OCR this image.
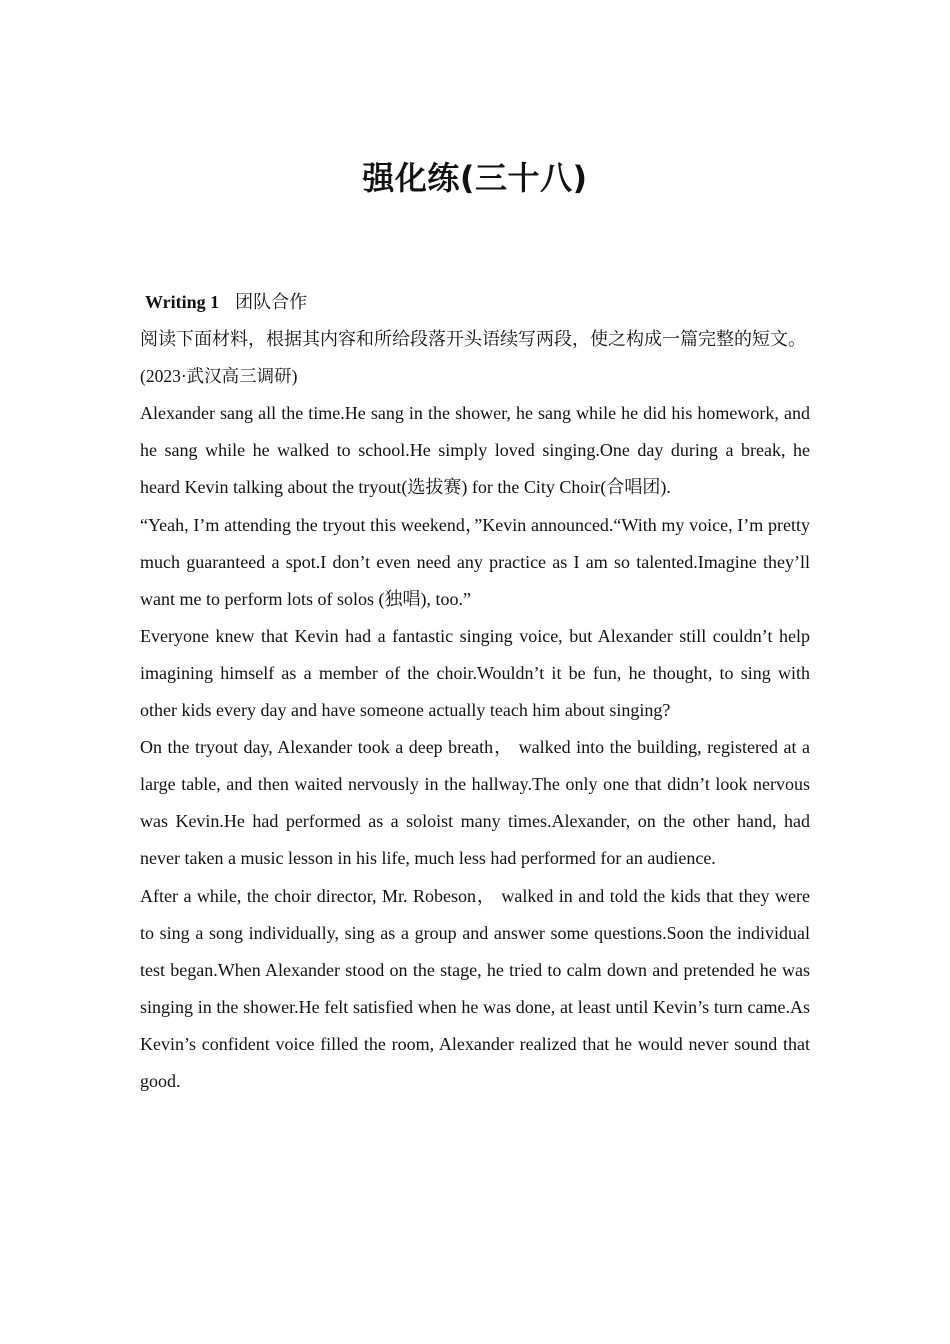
强化练(三十八)

Writing 1 团队合作

阅读下面材料，根据其内容和所给段落开头语续写两段，使之构成一篇完整的短文。

(2023·武汉高三调研)

Alexander sang all the time.He sang in the shower, he sang while he did his homework, and he sang while he walked to school.He simply loved singing.One day during a break, he heard Kevin talking about the tryout(选拔赛) for the City Choir(合唱团).

“Yeah, I’m attending the tryout this weekend，”Kevin announced.“With my voice, I’m pretty much guaranteed a spot.I don’t even need any practice as I am so talented.Imagine they’ll want me to perform lots of solos (独唱), too.”

Everyone knew that Kevin had a fantastic singing voice, but Alexander still couldn’t help imagining himself as a member of the choir.Wouldn’t it be fun, he thought, to sing with other kids every day and have someone actually teach him about singing?

On the tryout day, Alexander took a deep breath， walked into the building, registered at a large table, and then waited nervously in the hallway.The only one that didn’t look nervous was Kevin.He had performed as a soloist many times.Alexander, on the other hand, had never taken a music lesson in his life, much less had performed for an audience.

After a while, the choir director, Mr. Robeson， walked in and told the kids that they were to sing a song individually, sing as a group and answer some questions.Soon the individual test began.When Alexander stood on the stage, he tried to calm down and pretended he was singing in the shower.He felt satisfied when he was done, at least until Kevin’s turn came.As Kevin’s confident voice filled the room, Alexander realized that he would never sound that good.
